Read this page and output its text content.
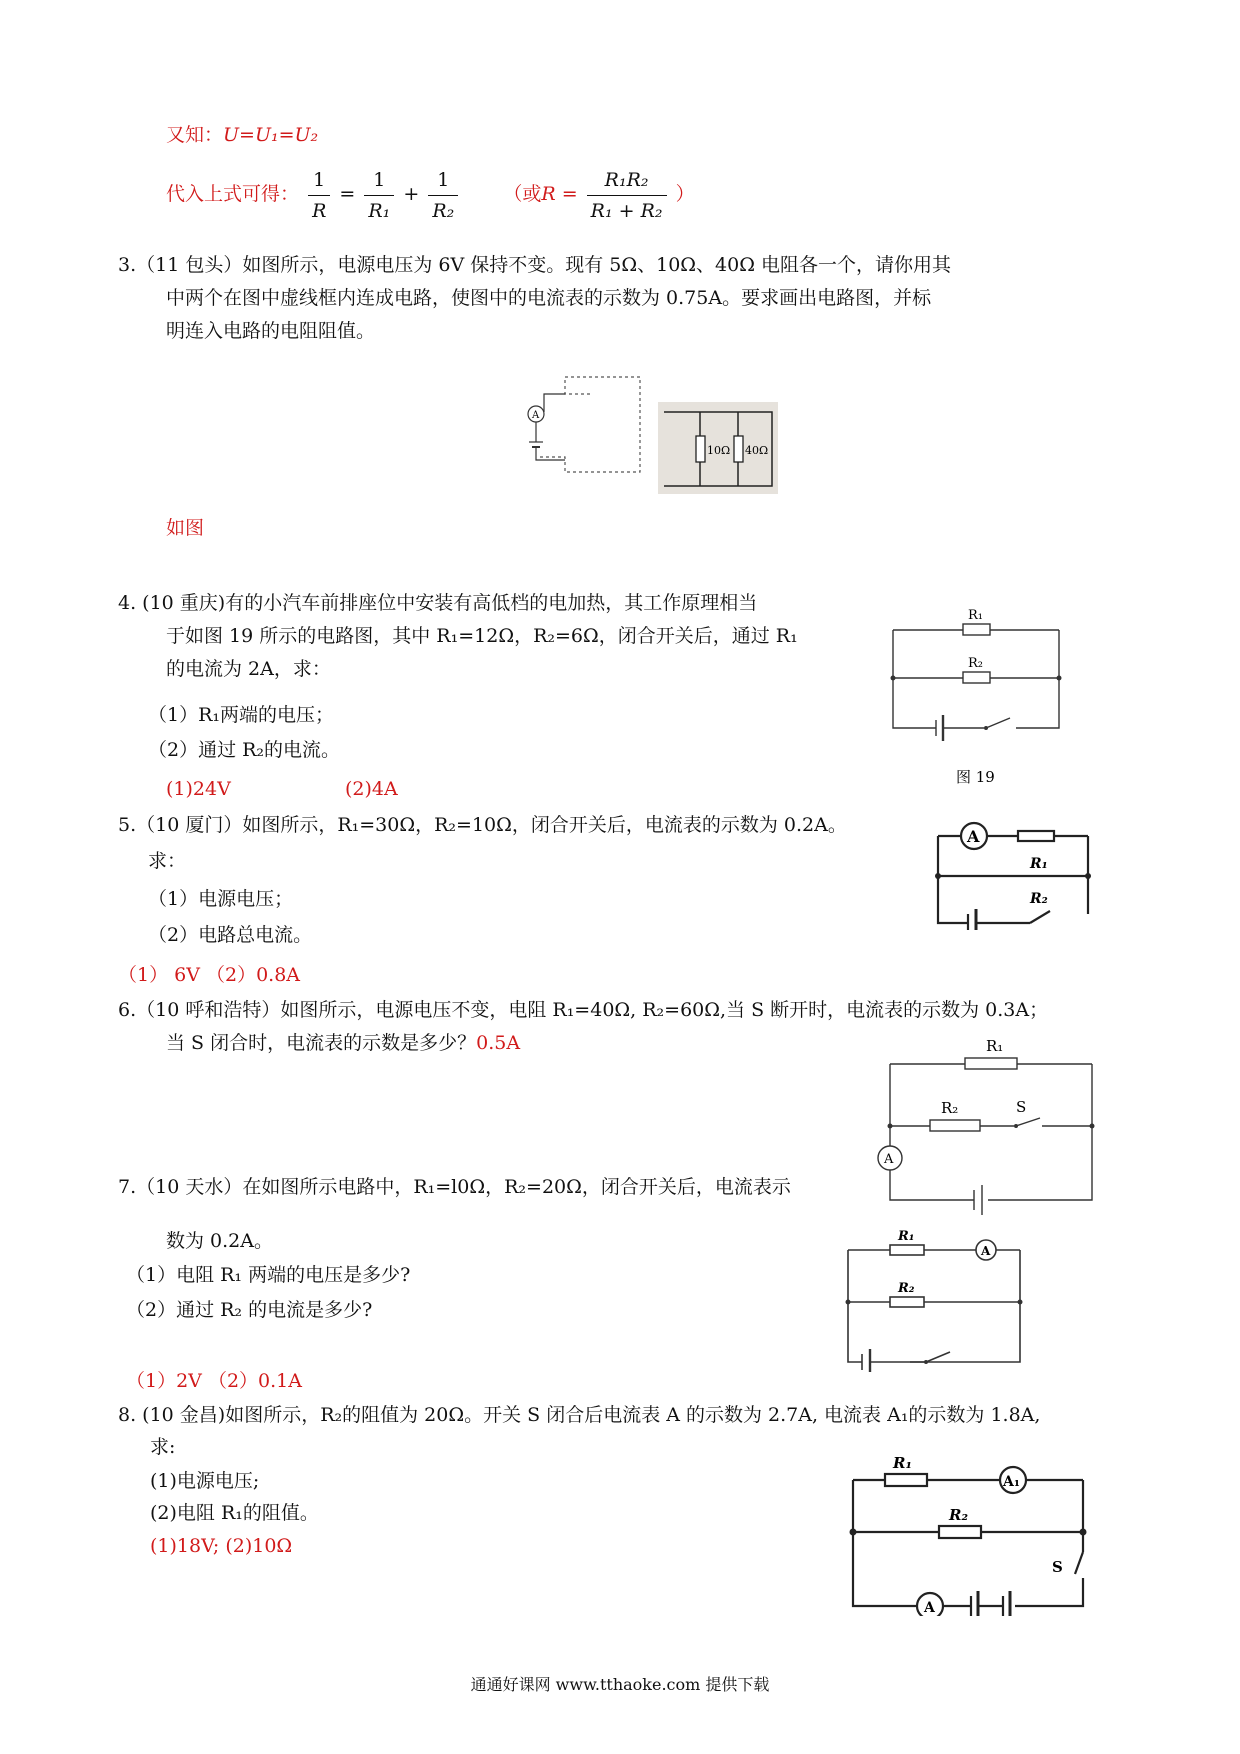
又知：U=U₁=U₂
代入上式可得： $\frac{1}{R} = \frac{1}{\text{R₁}} + \frac{1}{\text{R₂}}$ （或$R = \frac{\text{R₁R₂}}{\text{R₁ + R₂}}$ ）
3.（11 包头）如图所示，电源电压为 6V 保持不变。现有 5Ω、10Ω、40Ω 电阻各一个，请你用其
中两个在图中虚线框内连成电路，使图中的电流表的示数为 0.75A。要求画出电路图，并标
明连入电路的电阻阻值。
A
10Ω 40Ω
如图
4. (10 重庆)有的小汽车前排座位中安装有高低档的电加热，其工作原理相当
于如图 19 所示的电路图，其中 R₁=12Ω，R₂=6Ω，闭合开关后，通过 R₁
的电流为 2A，求：
（1）R₁两端的电压；
（2）通过 R₂的电流。
(1)24V	(2)4A
R₁
R₂
图 19
5.（10 厦门）如图所示，R₁=30Ω，R₂=10Ω，闭合开关后，电流表的示数为 0.2A。
求：
（1）电源电压；
（2）电路总电流。
（1） 6V （2）0.8A
A
R₁
R₂
6.（10 呼和浩特）如图所示，电源电压不变，电阻 R₁=40Ω, R₂=60Ω,当 S 断开时，电流表的示数为 0.3A；
当 S 闭合时，电流表的示数是多少？0.5A	R₁
R₂	S
A
7.（10 天水）在如图所示电路中，R₁=l0Ω，R₂=20Ω，闭合开关后，电流表示
数为 0.2A。
（1）电阻 R₁ 两端的电压是多少?
（2）通过 R₂ 的电流是多少?
（1）2V （2）0.1A
R₁
A
R₂
8. (10 金昌)如图所示，R₂的阻值为 20Ω。开关 S 闭合后电流表 A 的示数为 2.7A, 电流表 A₁的示数为 1.8A,
求:
(1)电源电压;
(2)电阻 R₁的阻值。
(1)18V; (2)10Ω
R₁
A₁
R₂
S
A
通通好课网 www.tthaoke.com 提供下载
